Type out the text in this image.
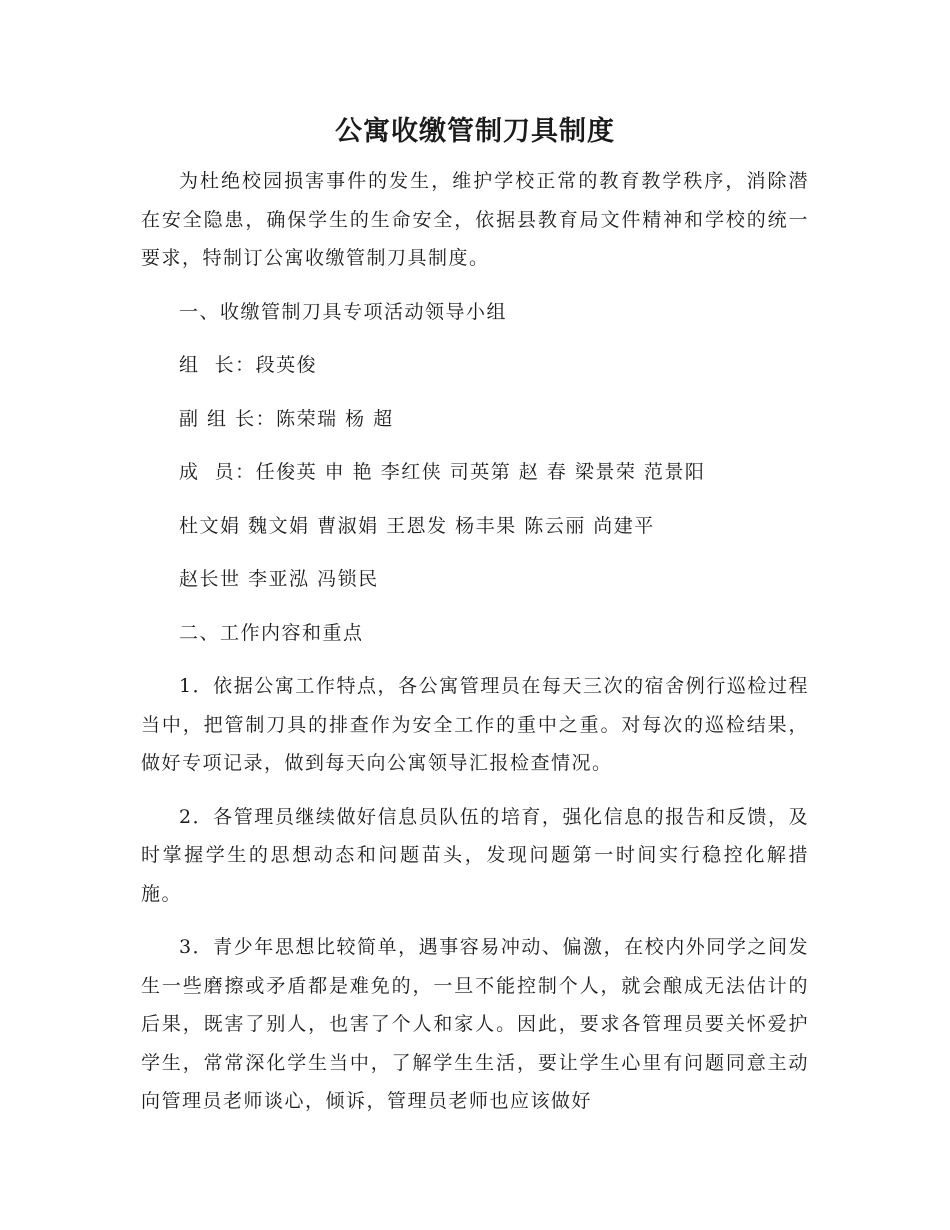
公寓收缴管制刀具制度

为杜绝校园损害事件的发生，维护学校正常的教育教学秩序，消除潜在安全隐患，确保学生的生命安全，依据县教育局文件精神和学校的统一要求，特制订公寓收缴管制刀具制度。

一、收缴管制刀具专项活动领导小组

组  长：段英俊

副 组 长：陈荣瑞 杨 超

成  员：任俊英 申 艳 李红侠 司英第 赵 春 梁景荣 范景阳

杜文娟 魏文娟 曹淑娟 王恩发 杨丰果 陈云丽 尚建平

赵长世 李亚泓 冯锁民

二、工作内容和重点

1．依据公寓工作特点，各公寓管理员在每天三次的宿舍例行巡检过程当中，把管制刀具的排查作为安全工作的重中之重。对每次的巡检结果，做好专项记录，做到每天向公寓领导汇报检查情况。

2．各管理员继续做好信息员队伍的培育，强化信息的报告和反馈，及时掌握学生的思想动态和问题苗头，发现问题第一时间实行稳控化解措施。

3．青少年思想比较简单，遇事容易冲动、偏激，在校内外同学之间发生一些磨擦或矛盾都是难免的，一旦不能控制个人，就会酿成无法估计的后果，既害了别人，也害了个人和家人。因此，要求各管理员要关怀爱护学生，常常深化学生当中，了解学生生活，要让学生心里有问题同意主动向管理员老师谈心，倾诉，管理员老师也应该做好
